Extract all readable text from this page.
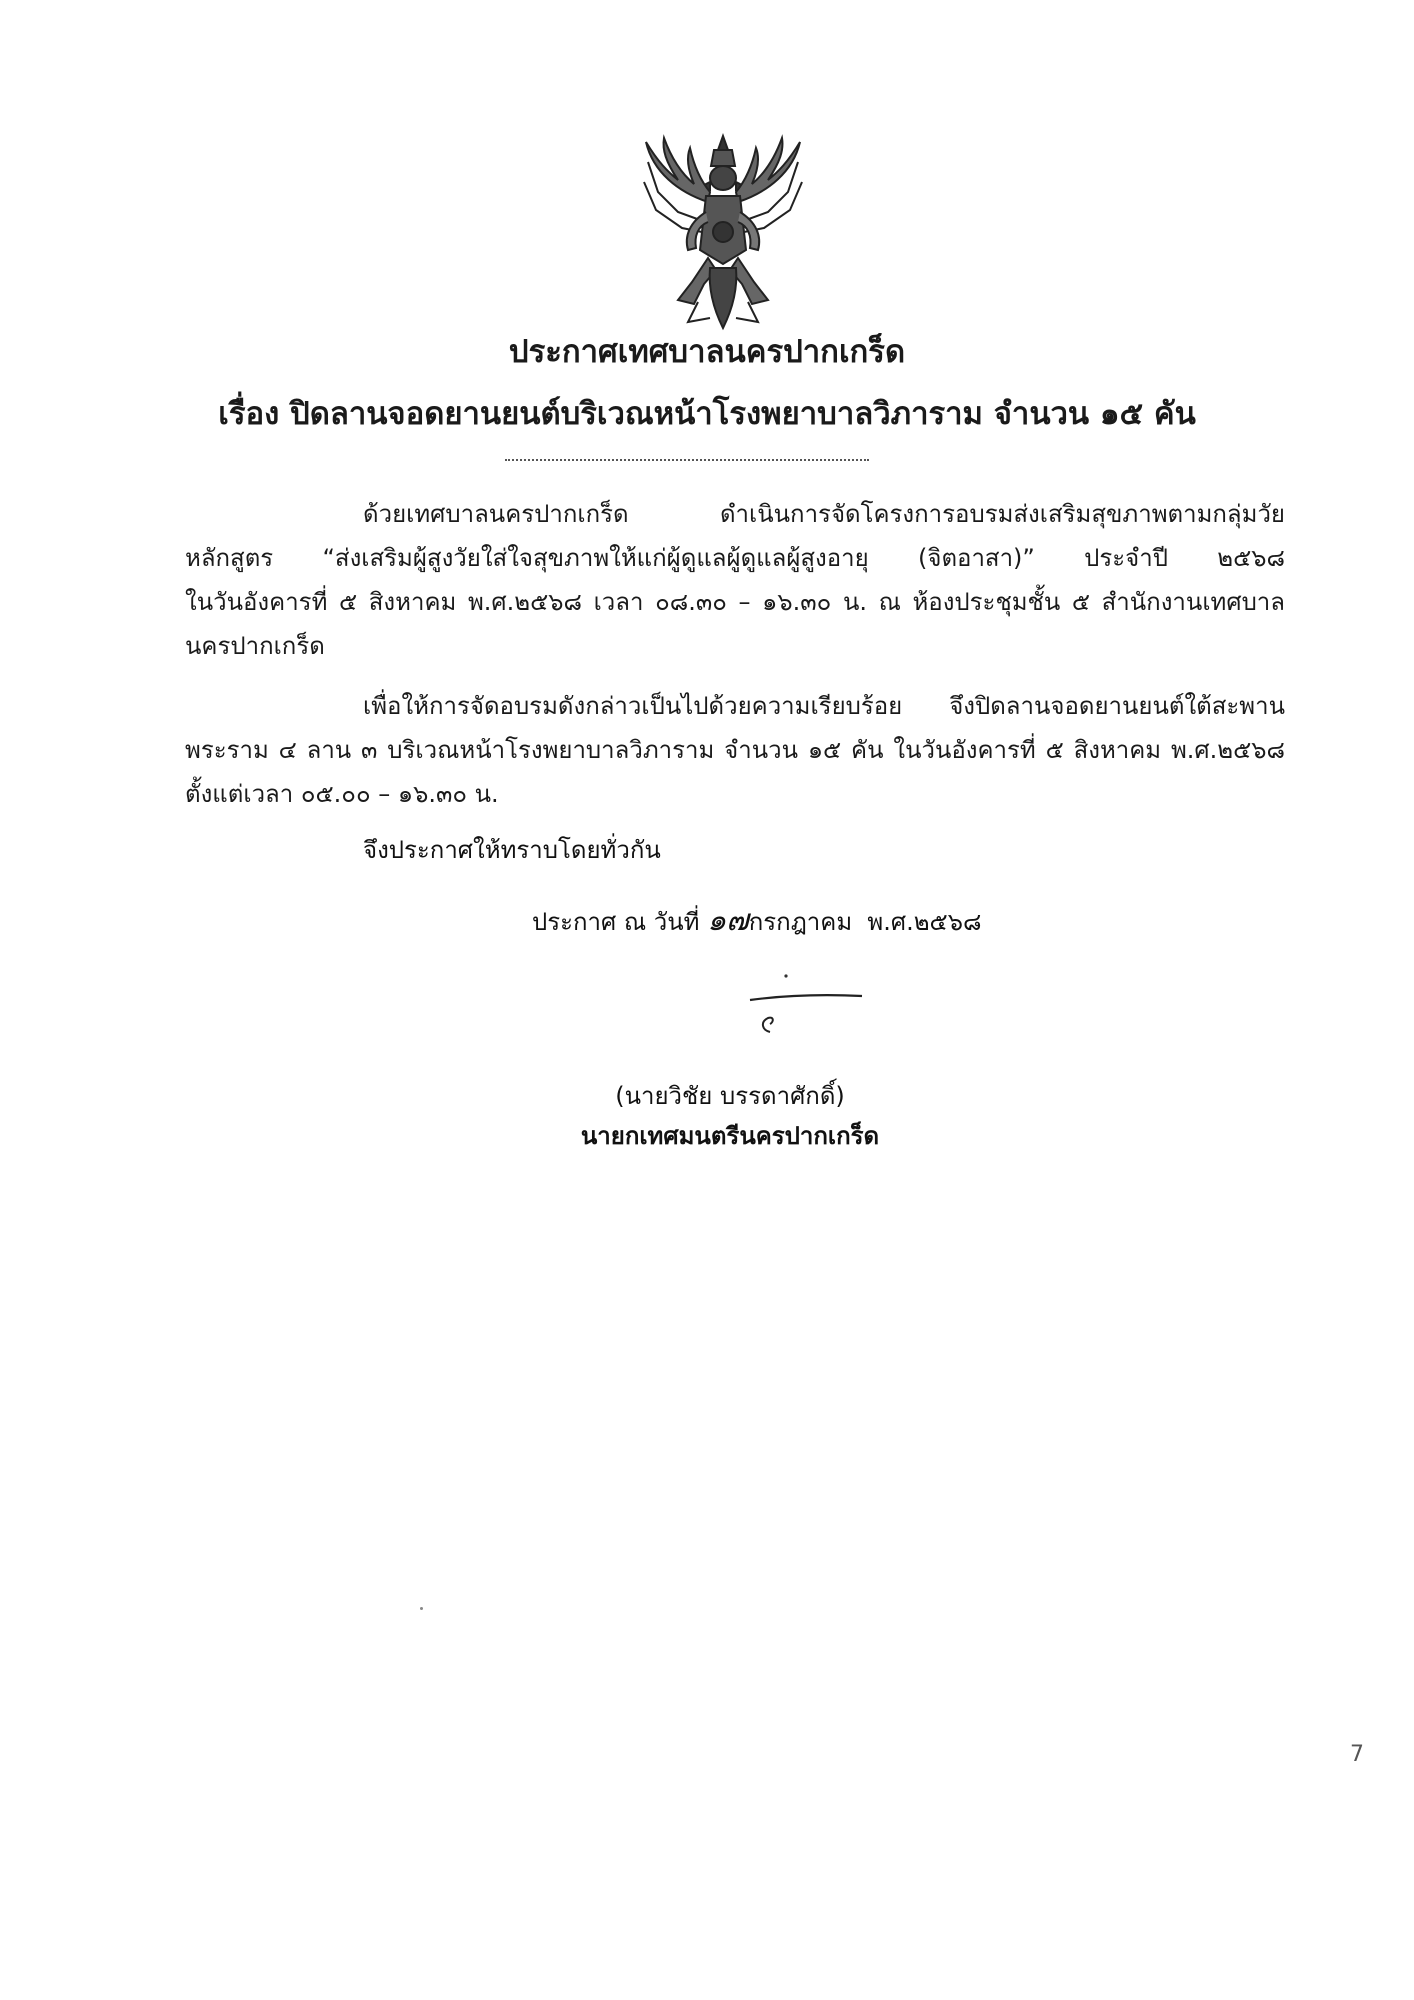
ประกาศเทศบาลนครปากเกร็ด
เรื่อง ปิดลานจอดยานยนต์บริเวณหน้าโรงพยาบาลวิภาราม จำนวน ๑๕ คัน
ด้วยเทศบาลนครปากเกร็ด ดำเนินการจัดโครงการอบรมส่งเสริมสุขภาพตามกลุ่มวัย
หลักสูตร “ส่งเสริมผู้สูงวัยใส่ใจสุขภาพให้แก่ผู้ดูแลผู้ดูแลผู้สูงอายุ (จิตอาสา)” ประจำปี ๒๕๖๘
ในวันอังคารที่ ๕ สิงหาคม พ.ศ.๒๕๖๘ เวลา ๐๘.๓๐ – ๑๖.๓๐ น. ณ ห้องประชุมชั้น ๕ สำนักงานเทศบาล
นครปากเกร็ด
เพื่อให้การจัดอบรมดังกล่าวเป็นไปด้วยความเรียบร้อย จึงปิดลานจอดยานยนต์ใต้สะพาน
พระราม ๔ ลาน ๓ บริเวณหน้าโรงพยาบาลวิภาราม จำนวน ๑๕ คัน ในวันอังคารที่ ๕ สิงหาคม พ.ศ.๒๕๖๘
ตั้งแต่เวลา ๐๕.๐๐ – ๑๖.๓๐ น.
จึงประกาศให้ทราบโดยทั่วกัน
ประกาศ ณ วันที่ ๑๗กรกฎาคม พ.ศ.๒๕๖๘
(นายวิชัย บรรดาศักดิ์)
นายกเทศมนตรีนครปากเกร็ด
7
